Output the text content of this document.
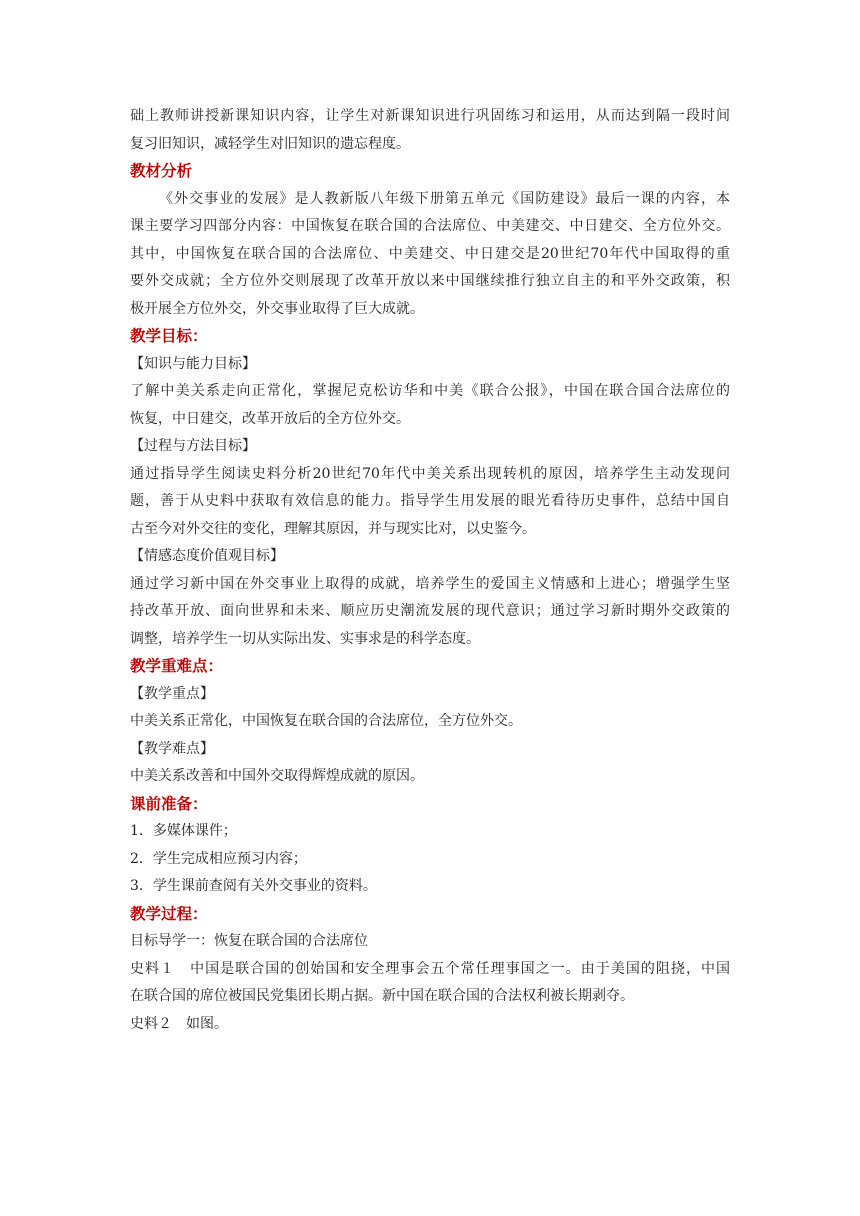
础上教师讲授新课知识内容，让学生对新课知识进行巩固练习和运用，从而达到隔一段时间
复习旧知识，减轻学生对旧知识的遗忘程度。
教材分析
《外交事业的发展》是人教新版八年级下册第五单元《国防建设》最后一课的内容，本
课主要学习四部分内容：中国恢复在联合国的合法席位、中美建交、中日建交、全方位外交。
其中，中国恢复在联合国的合法席位、中美建交、中日建交是20世纪70年代中国取得的重
要外交成就；全方位外交则展现了改革开放以来中国继续推行独立自主的和平外交政策，积
极开展全方位外交，外交事业取得了巨大成就。
教学目标：
【知识与能力目标】
了解中美关系走向正常化，掌握尼克松访华和中美《联合公报》，中国在联合国合法席位的
恢复，中日建交，改革开放后的全方位外交。
【过程与方法目标】
通过指导学生阅读史料分析20世纪70年代中美关系出现转机的原因，培养学生主动发现问
题，善于从史料中获取有效信息的能力。指导学生用发展的眼光看待历史事件，总结中国自
古至今对外交往的变化，理解其原因，并与现实比对，以史鉴今。
【情感态度价值观目标】
通过学习新中国在外交事业上取得的成就，培养学生的爱国主义情感和上进心；增强学生坚
持改革开放、面向世界和未来、顺应历史潮流发展的现代意识；通过学习新时期外交政策的
调整，培养学生一切从实际出发、实事求是的科学态度。
教学重难点：
【教学重点】
中美关系正常化，中国恢复在联合国的合法席位，全方位外交。
【教学难点】
中美关系改善和中国外交取得辉煌成就的原因。
课前准备：
1．多媒体课件；
2．学生完成相应预习内容；
3．学生课前查阅有关外交事业的资料。
教学过程：
目标导学一：恢复在联合国的合法席位
史料１　中国是联合国的创始国和安全理事会五个常任理事国之一。由于美国的阻挠，中国
在联合国的席位被国民党集团长期占据。新中国在联合国的合法权利被长期剥夺。
史料２　如图。
